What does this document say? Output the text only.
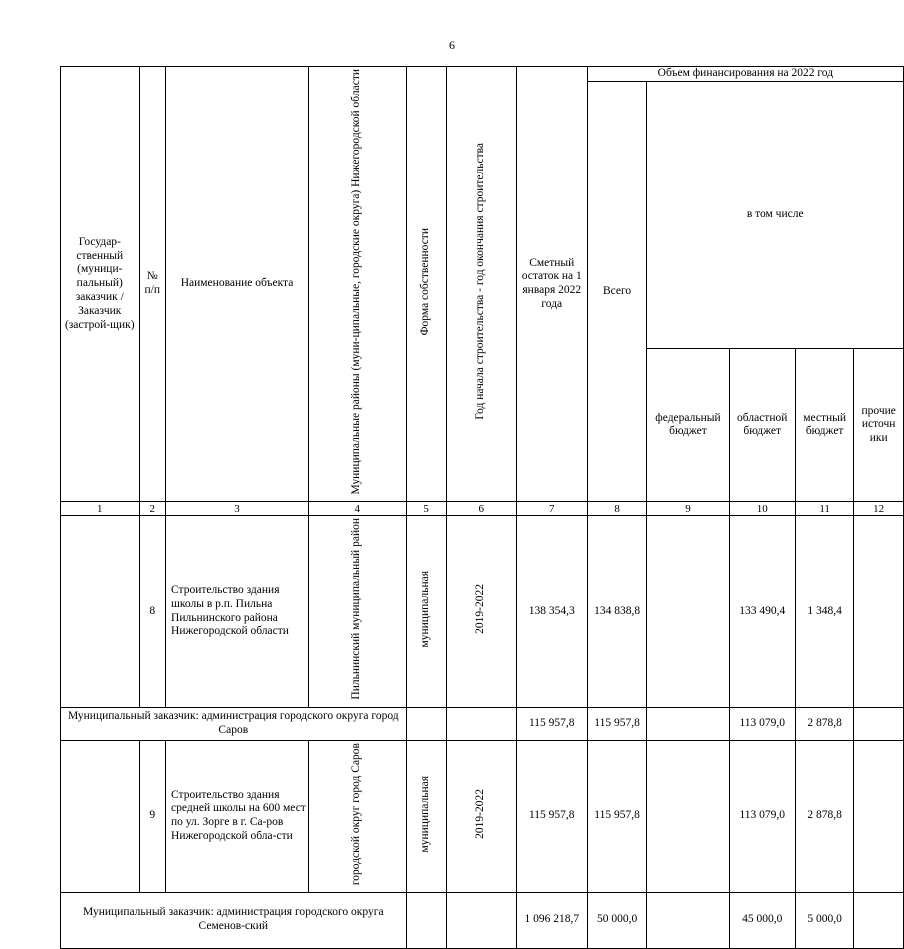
6
Государ-ственный (муници-пальный) заказчик / Заказчик (застрой-щик)	№ п/п	Наименование объекта	Муниципальные районы (муни-ципальные, городские округа) Нижегородской области	Форма собственности	Год начала строительства - год окончания строительства	Сметный остаток на 1 января 2022 года	Объем финансирования на 2022 год				
							Всего	в том числе			
								федеральный бюджет	областной бюджет	местный бюджет	прочие источн ики
1	2	3	4	5	6	7	8	9	10	11	12
	8	Строительство здания школы в р.п. Пильна Пильнинского района Нижегородской области	Пильнинский муниципальный район	муниципальная	2019-2022	138 354,3	134 838,8		133 490,4	1 348,4	
Муниципальный заказчик: администрация городского округа город Саров						115 957,8	115 957,8		113 079,0	2 878,8	
	9	Строительство здания средней школы на 600 мест по ул. Зорге в г. Са-ров Нижегородской обла-сти	городской округ город Саров	муниципальная	2019-2022	115 957,8	115 957,8		113 079,0	2 878,8	
Муниципальный заказчик: администрация городского округа Семенов-ский						1 096 218,7	50 000,0		45 000,0	5 000,0	
